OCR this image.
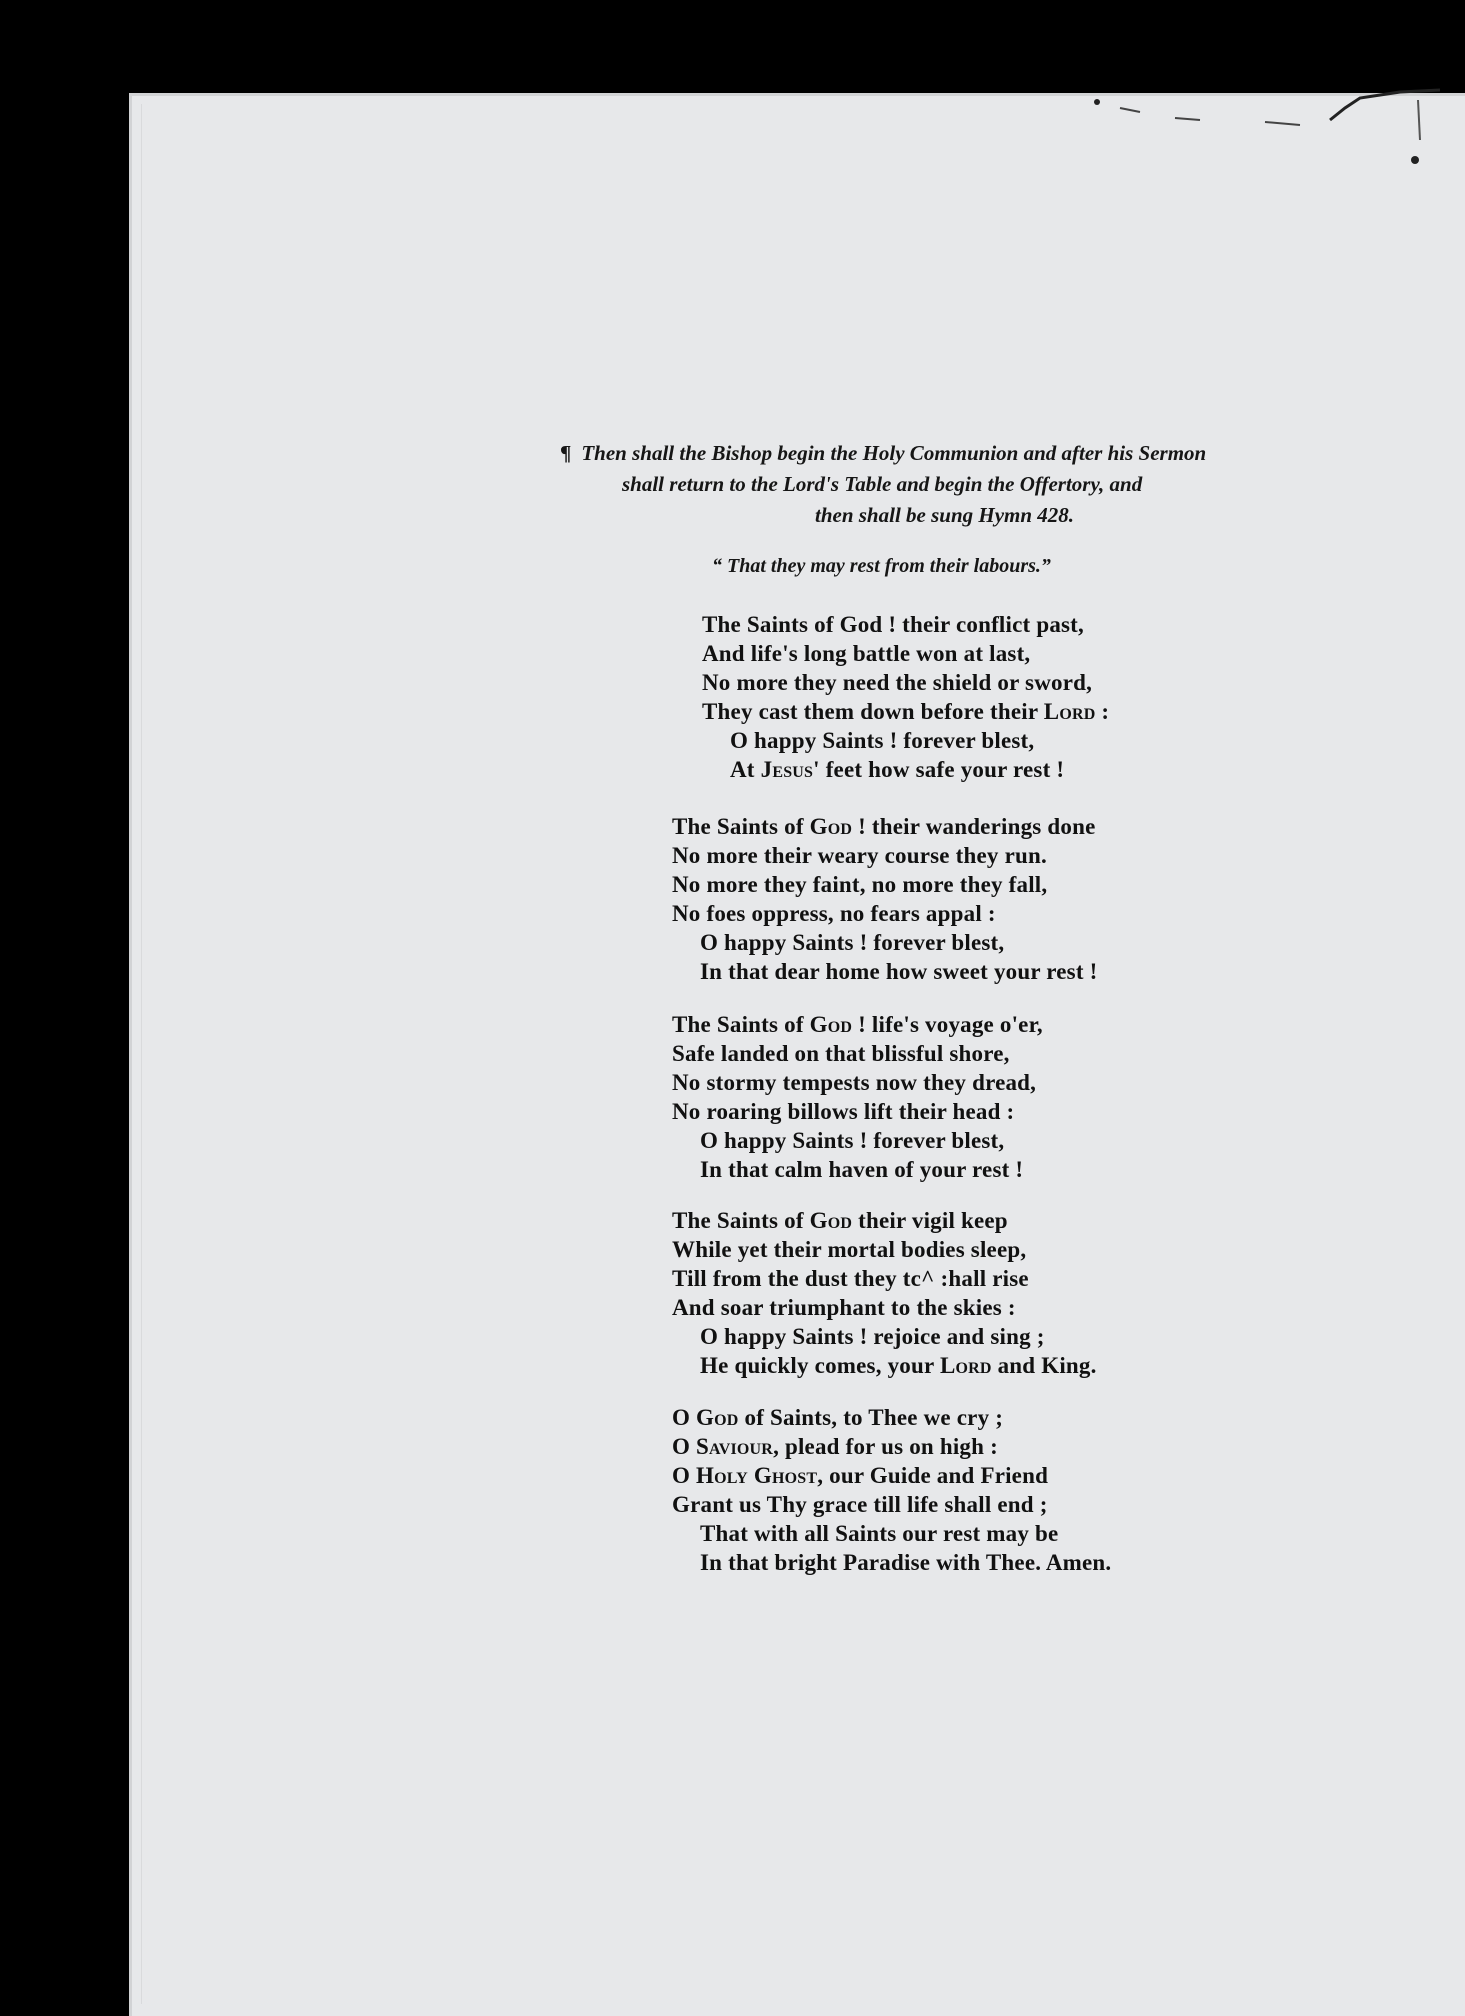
¶ Then shall the Bishop begin the Holy Communion and after his Sermon
shall return to the Lord's Table and begin the Offertory, and
then shall be sung Hymn 428.
“ That they may rest from their labours.”
The Saints of God ! their conflict past,
And life's long battle won at last,
No more they need the shield or sword,
They cast them down before their Lord :
O happy Saints ! forever blest,
At Jesus' feet how safe your rest !
The Saints of God ! their wanderings done
No more their weary course they run.
No more they faint, no more they fall,
No foes oppress, no fears appal :
O happy Saints ! forever blest,
In that dear home how sweet your rest !
The Saints of God ! life's voyage o'er,
Safe landed on that blissful shore,
No stormy tempests now they dread,
No roaring billows lift their head :
O happy Saints ! forever blest,
In that calm haven of your rest !
The Saints of God their vigil keep
While yet their mortal bodies sleep,
Till from the dust they tc^ :hall rise
And soar triumphant to the skies :
O happy Saints ! rejoice and sing ;
He quickly comes, your Lord and King.
O God of Saints, to Thee we cry ;
O Saviour, plead for us on high :
O Holy Ghost, our Guide and Friend
Grant us Thy grace till life shall end ;
That with all Saints our rest may be
In that bright Paradise with Thee. Amen.
